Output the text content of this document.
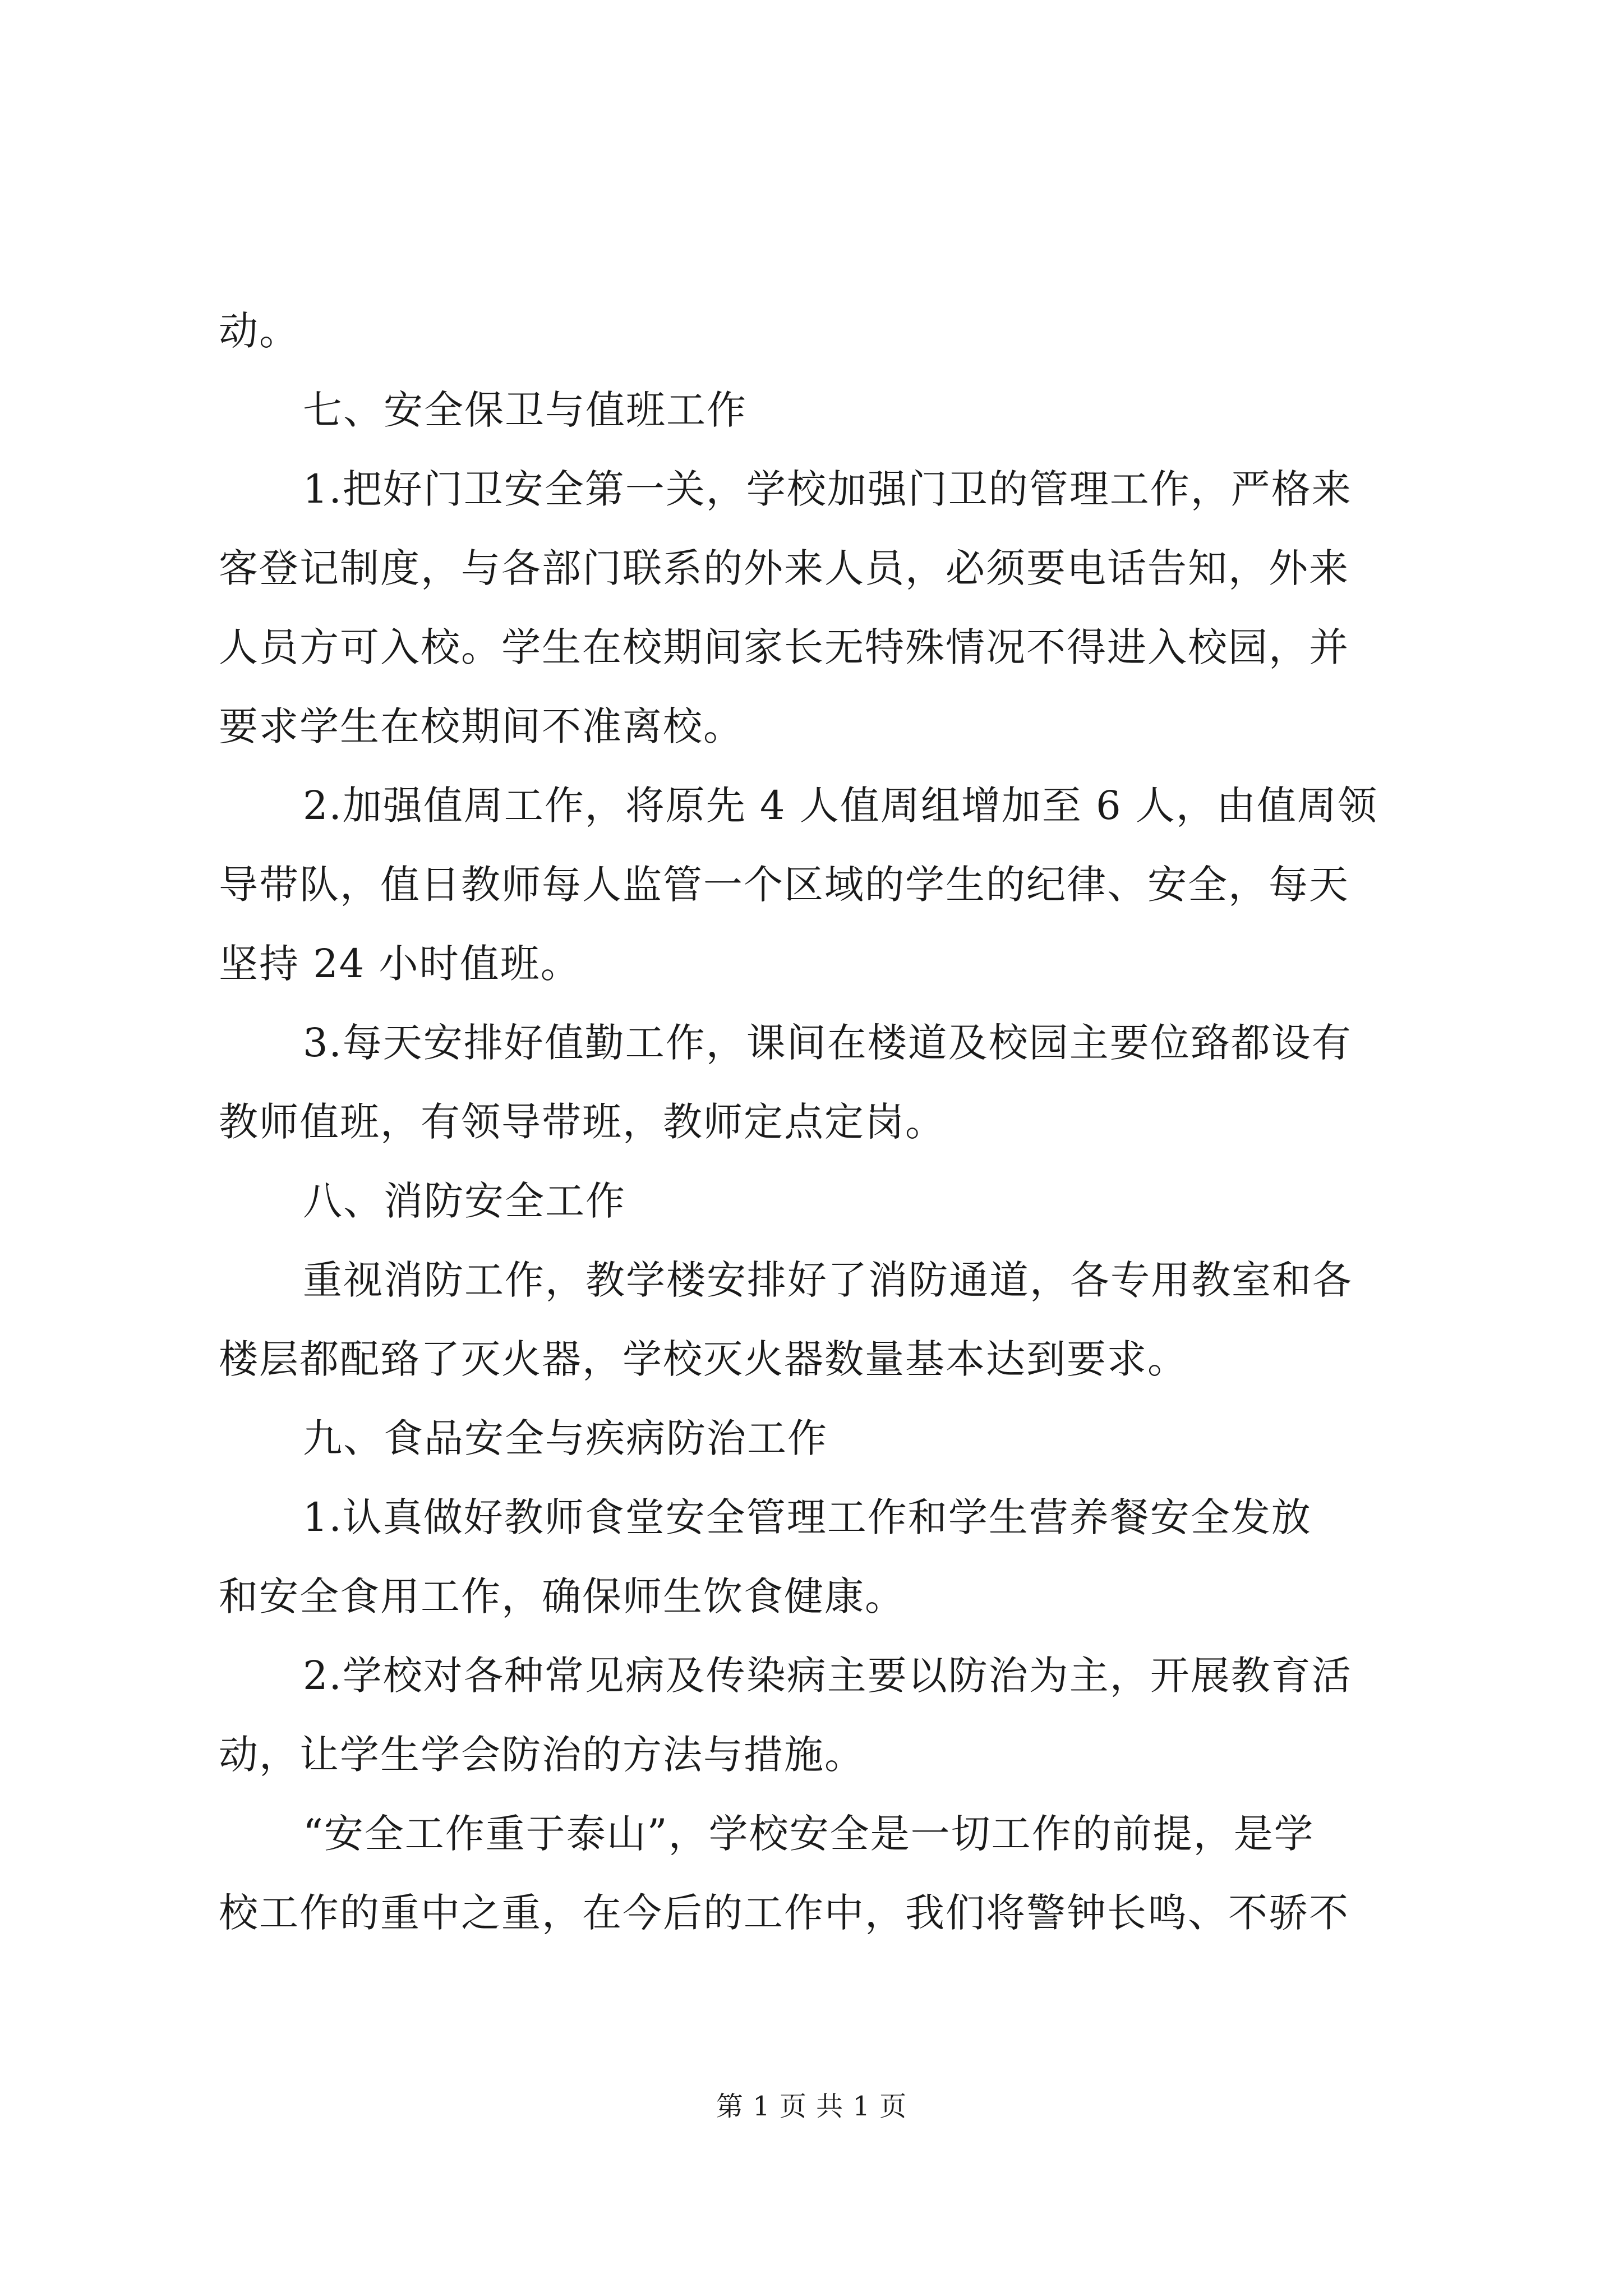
动。
七、安全保卫与值班工作
1.把好门卫安全第一关，学校加强门卫的管理工作，严格来
客登记制度，与各部门联系的外来人员，必须要电话告知，外来
人员方可入校。学生在校期间家长无特殊情况不得进入校园，并
要求学生在校期间不准离校。
2.加强值周工作，将原先 4 人值周组增加至 6 人，由值周领
导带队，值日教师每人监管一个区域的学生的纪律、安全，每天
坚持 24 小时值班。
3.每天安排好值勤工作，课间在楼道及校园主要位臵都设有
教师值班，有领导带班，教师定点定岗。
八、消防安全工作
重视消防工作，教学楼安排好了消防通道，各专用教室和各
楼层都配臵了灭火器，学校灭火器数量基本达到要求。
九、食品安全与疾病防治工作
1.认真做好教师食堂安全管理工作和学生营养餐安全发放
和安全食用工作，确保师生饮食健康。
2.学校对各种常见病及传染病主要以防治为主，开展教育活
动，让学生学会防治的方法与措施。
“安全工作重于泰山”，学校安全是一切工作的前提，是学
校工作的重中之重，在今后的工作中，我们将警钟长鸣、不骄不
第 1 页 共 1 页
